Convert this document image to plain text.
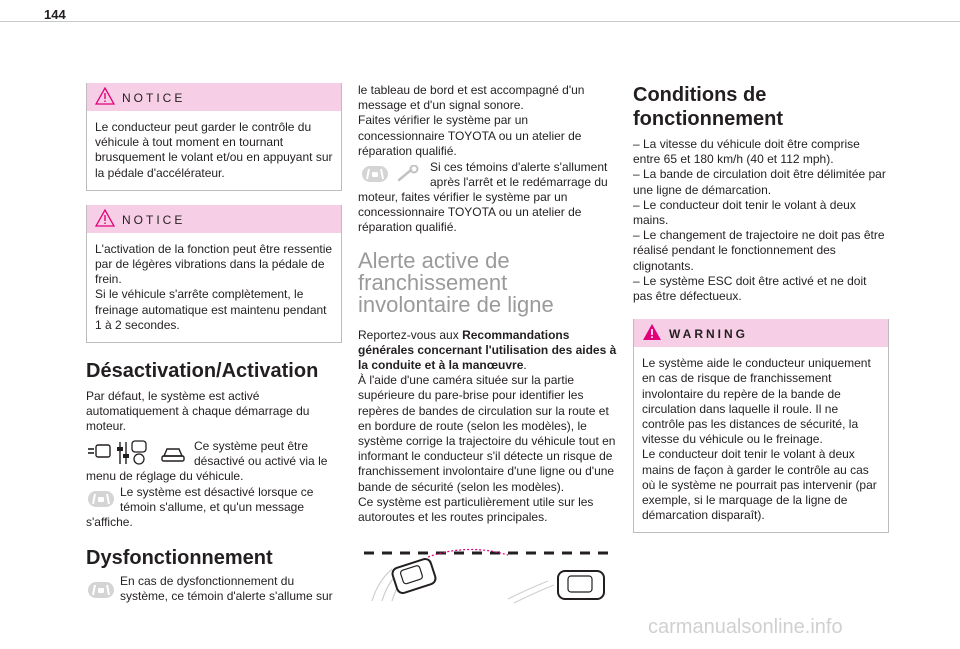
144
NOTICE

Le conducteur peut garder le contrôle du véhicule à tout moment en tournant brusquement le volant et/ou en appuyant sur la pédale d'accélérateur.

NOTICE

L'activation de la fonction peut être ressentie par de légères vibrations dans la pédale de frein.

Si le véhicule s'arrête complètement, le freinage automatique est maintenu pendant 1 à 2 secondes.

Désactivation/Activation

Par défaut, le système est activé automatiquement à chaque démarrage du moteur.

Ce système peut être désactivé ou activé via le

menu de réglage du véhicule.

Le système est désactivé lorsque ce témoin s'allume, et qu'un message

s'affiche.

Dysfonctionnement

En cas de dysfonctionnement du système, ce témoin d'alerte s'allume sur

le tableau de bord et est accompagné d'un message et d'un signal sonore.

Faites vérifier le système par un concessionnaire TOYOTA ou un atelier de réparation qualifié.

Si ces témoins d'alerte s'allument après l'arrêt et le redémarrage du

moteur, faites vérifier le système par un concessionnaire TOYOTA ou un atelier de réparation qualifié.

Alerte active de

franchissement

involontaire de ligne

Reportez-vous aux Recommandations générales concernant l'utilisation des aides à la conduite et à la manœuvre.

À l'aide d'une caméra située sur la partie supérieure du pare-brise pour identifier les repères de bandes de circulation sur la route et en bordure de route (selon les modèles), le système corrige la trajectoire du véhicule tout en informant le conducteur s'il détecte un risque de franchissement involontaire d'une ligne ou d'une bande de sécurité (selon les modèles).

Ce système est particulièrement utile sur les autoroutes et les routes principales.

Conditions de
fonctionnement

– La vitesse du véhicule doit être comprise entre 65 et 180 km/h (40 et 112 mph).

– La bande de circulation doit être délimitée par une ligne de démarcation.

– Le conducteur doit tenir le volant à deux mains.

– Le changement de trajectoire ne doit pas être réalisé pendant le fonctionnement des clignotants.

– Le système ESC doit être activé et ne doit pas être défectueux.

WARNING

Le système aide le conducteur uniquement en cas de risque de franchissement involontaire du repère de la bande de circulation dans laquelle il roule. Il ne contrôle pas les distances de sécurité, la vitesse du véhicule ou le freinage.

Le conducteur doit tenir le volant à deux mains de façon à garder le contrôle au cas où le système ne pourrait pas intervenir (par exemple, si le marquage de la ligne de démarcation disparaît).

carmanualsonline.info
